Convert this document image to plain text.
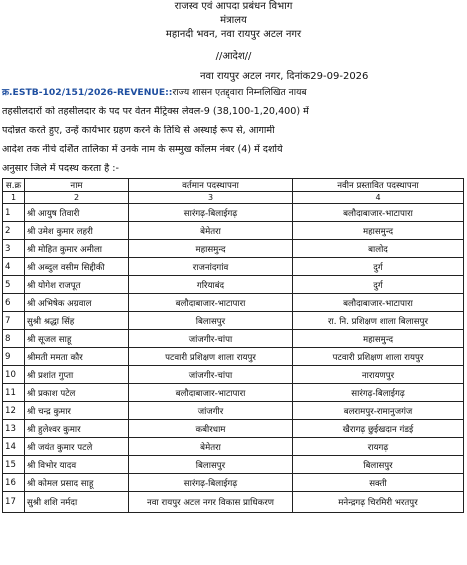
राजस्व एवं आपदा प्रबंधन विभाग
मंत्रालय
महानदी भवन, नवा रायपुर अटल नगर
//आदेश//
नवा रायपुर अटल नगर, दिनांक29-09-2026
क्र.ESTB-102/151/2026-REVENUE::राज्य शासन एतद्द्वारा निम्नलिखित नायब
तहसीलदारों को तहसीलदार के पद पर वेतन मैट्रिक्स लेवल-9 (38,100-1,20,400) में
पदोन्नत करते हुए, उन्हें कार्यभार ग्रहण करने के तिथि से अस्थाई रूप से, आगामी
आदेश तक नीचे दर्शित तालिका में उनके नाम के सम्मुख कॉलम नंबर (4) में दर्शाये
अनुसार जिले में पदस्थ करता है :-
स.क्र	नाम	वर्तमान पदस्थापना	नवीन प्रस्तावित पदस्थापना
1	2	3	4
1	श्री आयुष तिवारी	सारंगढ़-बिलाईगढ़	बलौदाबाजार-भाटापारा
2	श्री उमेश कुमार लहरी	बेमेतरा	महासमुन्द
3	श्री मोहित कुमार अमीला	महासमुन्द	बालोद
4	श्री अब्दुल वसीम सिद्दीकी	राजनांदगांव	दुर्ग
5	श्री योगेश राजपूत	गरियाबंद	दुर्ग
6	श्री अभिषेक अग्रवाल	बलौदाबाजार-भाटापारा	बलौदाबाजार-भाटापारा
7	सुश्री श्रद्धा सिंह	बिलासपुर	रा. नि. प्रशिक्षण शाला बिलासपुर
8	श्री सूजल साहू	जांजगीर-चांपा	महासमुन्द
9	श्रीमती ममता कौर	पटवारी प्रशिक्षण शाला रायपुर	पटवारी प्रशिक्षण शाला रायपुर
10	श्री प्रशांत गुप्ता	जांजगीर-चांपा	नारायणपुर
11	श्री प्रकाश पटेल	बलौदाबाजार-भाटापारा	सारंगढ़-बिलाईगढ़
12	श्री चन्द्र कुमार	जांजगीर	बलरामपुर-रामानुजगंज
13	श्री हुलेश्वर कुमार	कबीरधाम	खैरागढ़ छुईखदान गंडई
14	श्री जयंत कुमार पटले	बेमेतरा	रायगढ़
15	श्री विभोर यादव	बिलासपुर	बिलासपुर
16	श्री कोमल प्रसाद साहू	सारंगढ़-बिलाईगढ़	सक्ती
17	सुश्री शशि नर्मदा	नवा रायपुर अटल नगर विकास प्राधिकरण	मनेन्द्रगढ़ चिरमिरी भरतपुर
